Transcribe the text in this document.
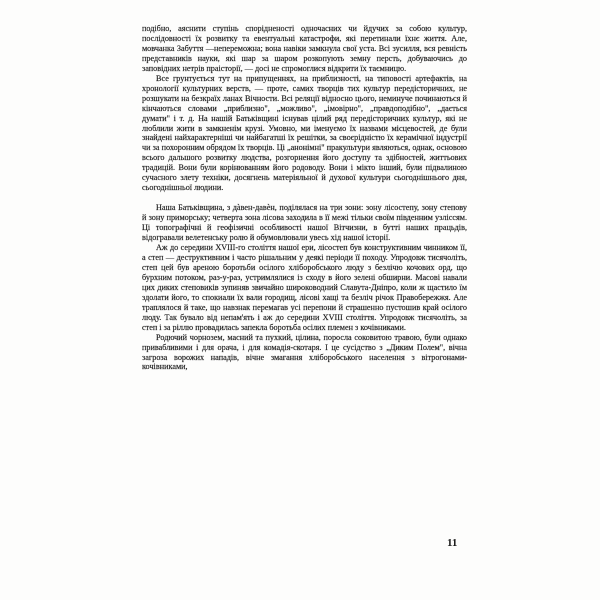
подібно, аяснити ступінь спорідненості одночасних чи йдучих за собою культур, послідовності їх розвитку та евентуальні катастрофи, які перетинали їхнє життя. Але, мовчанка Забуття —непереможна; вона навіки замкнула свої уста. Всі зусилля, вся ревність представників науки, які шар за шаром розкопують земну персть, добуваючись до заповідних нетрів праісторії, — досі не спромоглися відкрити їх таємницю.

Все грунтується тут на припущеннях, на приблизності, на типовості артефактів, на хронології культурних верств, — проте, самих творців тих культур передісторичних, не розшукати на безкраїх ланах Вічности. Всі реляції відносно цього, неминуче починаються й кінчаються словами „приблизно", „можливо", „імовірно", „правдоподібно", „дається думати" і т. д. На нашій Батьківщині існував цілий ряд передісторичних культур, які не люблили жити в замкненім крузі. Умовно, ми іменуємо їх назвами місцевостей, де були знайдені найхарактерніші чи найбагатші їх решітки, за своєрідністю їх керамічної індустрії чи за похоронним обрядом їх творців. Ці „анонімні" пракультури являються, однак, основою всього дальшого розвитку людства, розгорнення його доступу та здібностей, життьових традицій. Вони були корінюванням його родоводу. Вони і мікто інший, були підвалиною сучасного злету техніки, досягнень матеріяльної й духової культури сьогоднішнього дня, сьогоднішньої людини.

Наша Батьківщина, з дàвен-давèн, поділялася на три зони: зону лісостепу, зону степову й зону приморську; четверта зона лісова заходила в її межі тільки своїм південним узліссям. Ці топографічні й геофізичні особливості нашої Вітчизни, в бутті наших працьдів, відогравали велетенську ролю й обумовлювали увесь хід нашої історії.

Аж до середини XVIII-го століття нашої ери, лісостеп був конструктивним чинником її, а степ — деструктивним і часто рішальним у деякі періоди її походу. Упродовж тисячоліть, степ цей був ареною боротьби осілого хліборобського люду з безлічю кочових орд, що бурхним потоком, раз-у-раз, устримлялися із сходу в його зелені обширни. Масові навали цих диких степовиків зупиняв звичайно широководний Славута-Дніпро, коли ж щастило їм здолати його, то спокиали їх вали городищ, лісові хащі та безліч річок Правобережжя. Але траплялося й таке, що навзнак перемагав усі перепони й страшенно пустошив край осілого люду. Так бувало від непам'ять і аж до середини XVIII століття. Упродовж тисячоліть, за степ і за ріллю провадилась запекла боротьба осілих племен з кочівниками.

Родючий чорнозем, масний та пухкий, цілина, поросла соковитою травою, були однако привабливими і для орача, і для комадія-скотаря. І це сусідство з „Диким Полем", вічна загроза ворожих нападів, вічне змагання хліборобського населення з вітрогонами-кочівниками,

11
